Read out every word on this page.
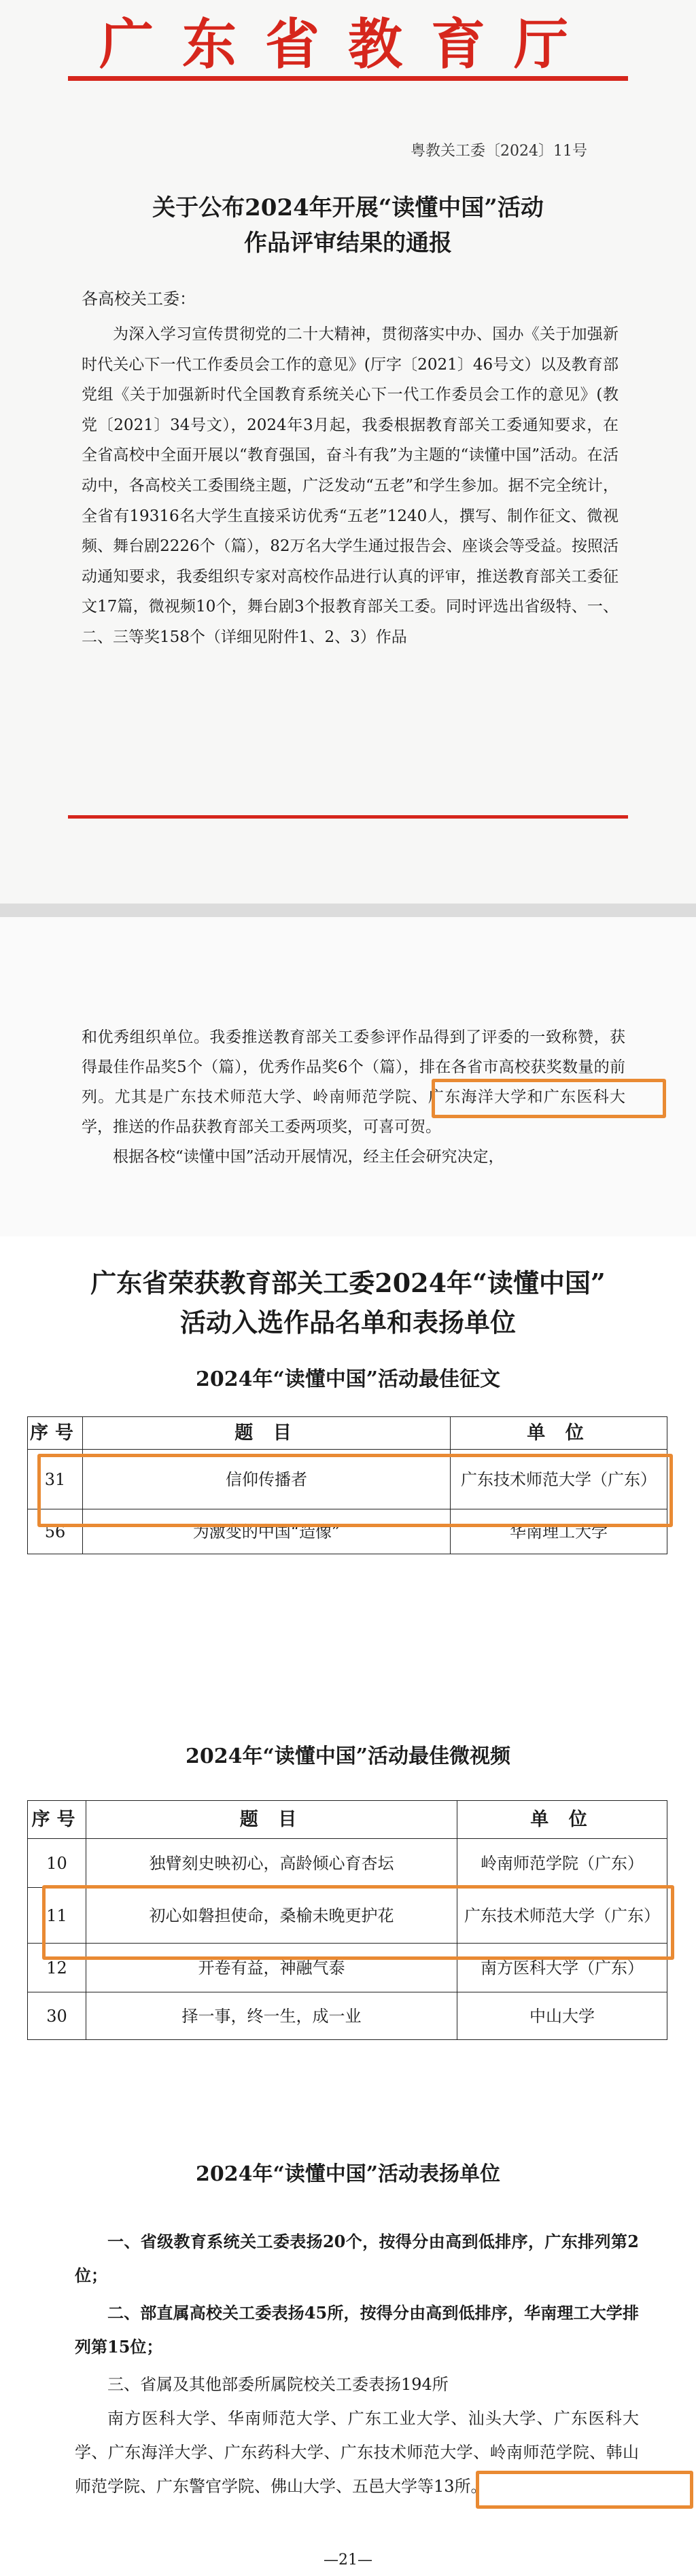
广东省教育厅
粤教关工委〔2024〕11号
关于公布2024年开展“读懂中国”活动
作品评审结果的通报
各高校关工委：
为深入学习宣传贯彻党的二十大精神，贯彻落实中办、国办《关于加强新时代关心下一代工作委员会工作的意见》(厅字〔2021〕46号文）以及教育部党组《关于加强新时代全国教育系统关心下一代工作委员会工作的意见》(教党〔2021〕34号文），2024年3月起，我委根据教育部关工委通知要求，在全省高校中全面开展以“教育强国，奋斗有我”为主题的“读懂中国”活动。在活动中，各高校关工委围绕主题，广泛发动“五老”和学生参加。据不完全统计，全省有19316名大学生直接采访优秀“五老”1240人，撰写、制作征文、微视频、舞台剧2226个（篇），82万名大学生通过报告会、座谈会等受益。按照活动通知要求，我委组织专家对高校作品进行认真的评审，推送教育部关工委征文17篇，微视频10个，舞台剧3个报教育部关工委。同时评选出省级特、一、二、三等奖158个（详细见附件1、2、3）作品
和优秀组织单位。我委推送教育部关工委参评作品得到了评委的一致称赞，获得最佳作品奖5个（篇），优秀作品奖6个（篇），排在各省市高校获奖数量的前列。尤其是广东技术师范大学、岭南师范学院、广东海洋大学和广东医科大学，推送的作品获教育部关工委两项奖，可喜可贺。
根据各校“读懂中国”活动开展情况，经主任会研究决定，
广东省荣获教育部关工委2024年“读懂中国”
活动入选作品名单和表扬单位
2024年“读懂中国”活动最佳征文
序号	题 目	单 位
31	信仰传播者	广东技术师范大学（广东）
56	为激变的中国“造像”	华南理工大学
2024年“读懂中国”活动最佳微视频
序号	题 目	单 位
10	独臂刻史映初心，高龄倾心育杏坛	岭南师范学院（广东）
11	初心如磐担使命，桑榆未晚更护花	广东技术师范大学（广东）
12	开卷有益，神融气泰	南方医科大学（广东）
30	择一事，终一生，成一业	中山大学
2024年“读懂中国”活动表扬单位
一、省级教育系统关工委表扬20个，按得分由高到低排序，广东排列第2位；
二、部直属高校关工委表扬45所，按得分由高到低排序，华南理工大学排列第15位；
三、省属及其他部委所属院校关工委表扬194所
南方医科大学、华南师范大学、广东工业大学、汕头大学、广东医科大学、广东海洋大学、广东药科大学、广东技术师范大学、岭南师范学院、韩山师范学院、广东警官学院、佛山大学、五邑大学等13所。
—21—
